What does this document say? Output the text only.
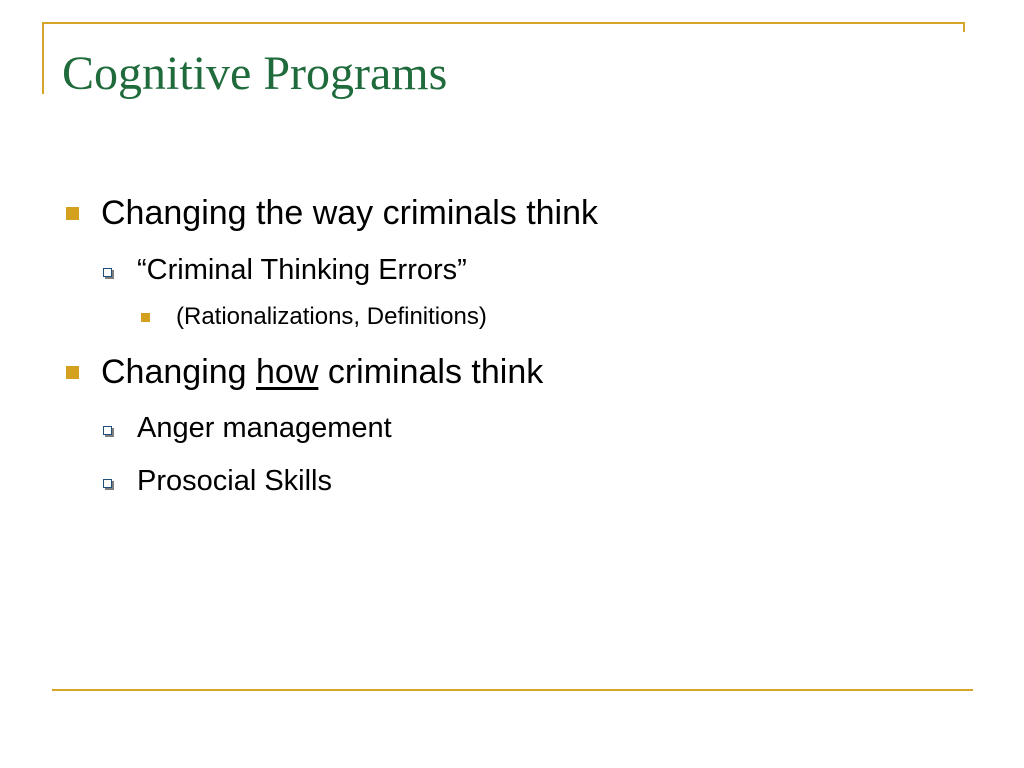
Cognitive Programs
Changing the way criminals think
“Criminal Thinking Errors”
(Rationalizations, Definitions)
Changing how criminals think
Anger management
Prosocial Skills
